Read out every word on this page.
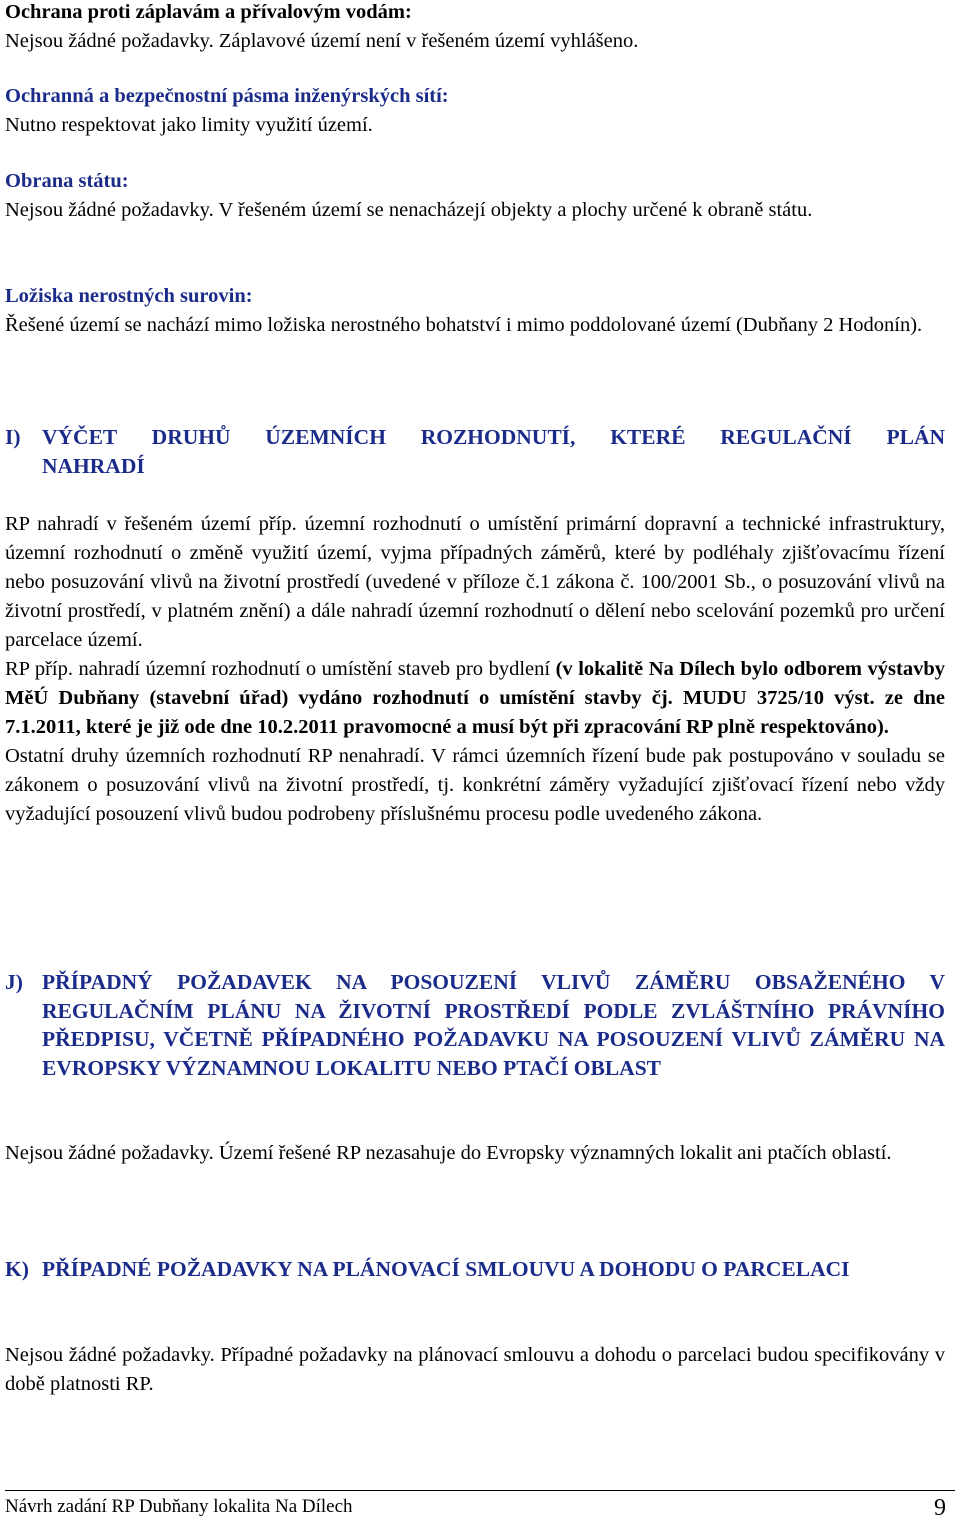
Ochrana proti záplavám a přívalovým vodám:
Nejsou žádné požadavky. Záplavové území není v řešeném území vyhlášeno.
Ochranná a bezpečnostní pásma inženýrských sítí:
Nutno respektovat jako limity využití území.
Obrana státu:
Nejsou žádné požadavky. V řešeném území se nenacházejí objekty a plochy určené k obraně státu.
Ložiska nerostných surovin:
Řešené území se nachází mimo ložiska nerostného bohatství i mimo poddolované území (Dubňany 2 Hodonín).
I) VÝČET DRUHŮ ÚZEMNÍCH ROZHODNUTÍ, KTERÉ REGULAČNÍ PLÁN
NAHRADÍ
RP nahradí v řešeném území příp. územní rozhodnutí o umístění primární dopravní a technické infrastruktury, územní rozhodnutí o změně využití území, vyjma případných záměrů, které by podléhaly zjišťovacímu řízení nebo posuzování vlivů na životní prostředí (uvedené v příloze č.1 zákona č. 100/2001 Sb., o posuzování vlivů na životní prostředí, v platném znění) a dále nahradí územní rozhodnutí o dělení nebo scelování pozemků pro určení parcelace území.
RP příp. nahradí územní rozhodnutí o umístění staveb pro bydlení (v lokalitě Na Dílech bylo odborem výstavby MěÚ Dubňany (stavební úřad) vydáno rozhodnutí o umístění stavby čj. MUDU 3725/10 výst. ze dne 7.1.2011, které je již ode dne 10.2.2011 pravomocné a musí být při zpracování RP plně respektováno).
Ostatní druhy územních rozhodnutí RP nenahradí. V rámci územních řízení bude pak postupováno v souladu se zákonem o posuzování vlivů na životní prostředí, tj. konkrétní záměry vyžadující zjišťovací řízení nebo vždy vyžadující posouzení vlivů budou podrobeny příslušnému procesu podle uvedeného zákona.
J) PŘÍPADNÝ POŽADAVEK NA POSOUZENÍ VLIVŮ ZÁMĚRU OBSAŽENÉHO V REGULAČNÍM PLÁNU NA ŽIVOTNÍ PROSTŘEDÍ PODLE ZVLÁŠTNÍHO PRÁVNÍHO PŘEDPISU, VČETNĚ PŘÍPADNÉHO POŽADAVKU NA POSOUZENÍ VLIVŮ ZÁMĚRU NA EVROPSKY VÝZNAMNOU LOKALITU NEBO PTAČÍ OBLAST
Nejsou žádné požadavky. Území řešené RP nezasahuje do Evropsky významných lokalit ani ptačích oblastí.
K) PŘÍPADNÉ POŽADAVKY NA PLÁNOVACÍ SMLOUVU A DOHODU O PARCELACI
Nejsou žádné požadavky. Případné požadavky na plánovací smlouvu a dohodu o parcelaci budou specifikovány v době platnosti RP.
Návrh zadání RP Dubňany lokalita Na Dílech	9
